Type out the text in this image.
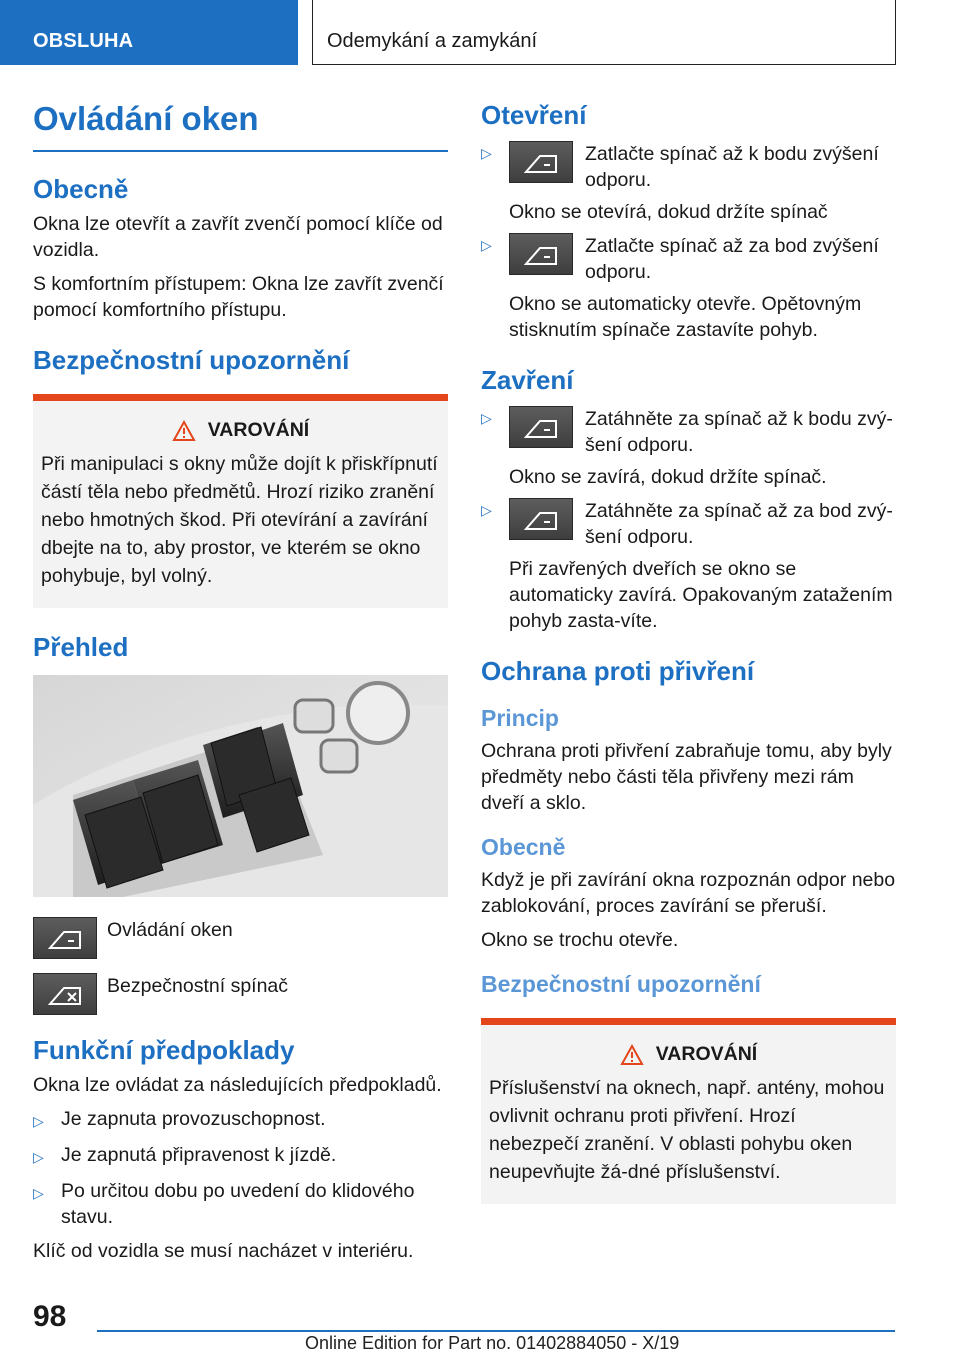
OBSLUHA	Odemykání a zamykání
Ovládání oken
Obecně

Okna lze otevřít a zavřít zvenčí pomocí klíče od vozidla.

S komfortním přístupem: Okna lze zavřít zvenčí pomocí komfortního přístupu.

Bezpečnostní upozornění
VAROVÁNÍ

Při manipulaci s okny může dojít k přiskřípnutí částí těla nebo předmětů. Hrozí riziko zranění nebo hmotných škod. Při otevírání a zavírání dbejte na to, aby prostor, ve kterém se okno pohybuje, byl volný.

Přehled
Ovládání oken
Bezpečnostní spínač
Funkční předpoklady

Okna lze ovládat za následujících předpokladů.

▷ Je zapnuta provozuschopnost.
▷ Je zapnutá připravenost k jízdě.
▷ Po určitou dobu po uvedení do klidového stavu.

Klíč od vozidla se musí nacházet v interiéru.

Otevření
▷	Zatlačte spínač až k bodu zvýšení odporu.

Okno se otevírá, dokud držíte spínač

▷	Zatlačte spínač až za bod zvýšení odporu.

Okno se automaticky otevře. Opětovným stisknutím spínače zastavíte pohyb.

Zavření
▷	Zatáhněte za spínač až k bodu zvý-šení odporu.

Okno se zavírá, dokud držíte spínač.

▷	Zatáhněte za spínač až za bod zvý-šení odporu.

Při zavřených dveřích se okno se automaticky zavírá. Opakovaným zatažením pohyb zasta-víte.

Ochrana proti přivření
Princip

Ochrana proti přivření zabraňuje tomu, aby byly předměty nebo části těla přivřeny mezi rám dveří a sklo.

Obecně

Když je při zavírání okna rozpoznán odpor nebo zablokování, proces zavírání se přeruší.

Okno se trochu otevře.

Bezpečnostní upozornění
VAROVÁNÍ

Příslušenství na oknech, např. antény, mohou ovlivnit ochranu proti přivření. Hrozí nebezpečí zranění. V oblasti pohybu oken neupevňujte žá-dné příslušenství.

98
Online Edition for Part no. 01402884050 - X/19
